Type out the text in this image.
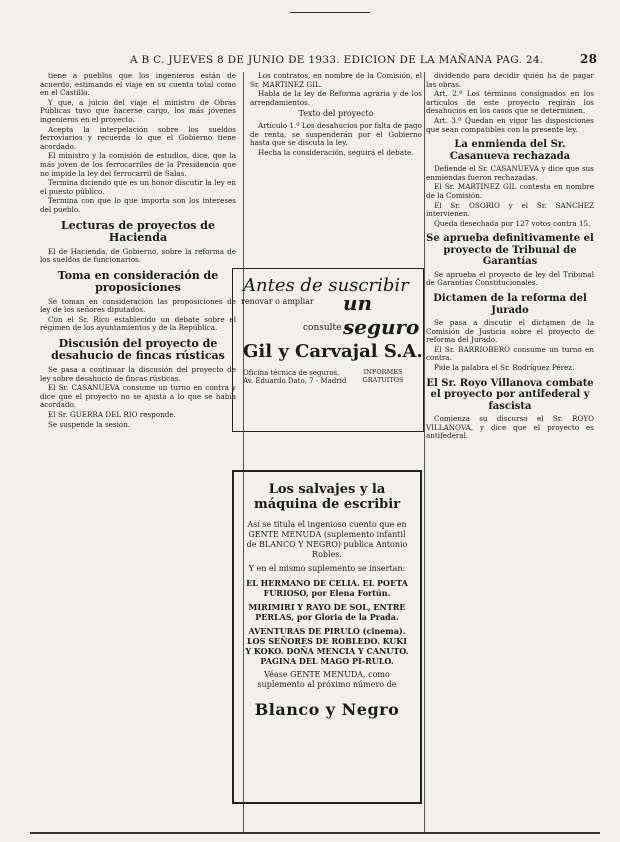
A B C. JUEVES 8 DE JUNIO DE 1933. EDICION DE LA MAÑANA PAG. 24.	28

tiene a pueblos que los ingenieros están de acuerdo, estimando el viaje en su cuenta total como en el Castillo.

Y que, a juicio del viaje el ministro de Obras Públicas tuvo que hacerse cargo, los más jóvenes ingenieros en el proyecto.

Acepta la interpelación sobre los sueldos ferroviarios y recuerda lo que el Gobierno tiene acordado.

El ministro y la comisión de estudios, dice, que la más joven de los ferrocarriles de la Presidencia que no impide la ley del ferrocarril de Salas.

Termina diciendo que es un honor discutir la ley en el puesto público.

Termina con que lo que importa son los intereses del pueblo.

Lecturas de proyectos de Hacienda

El de Hacienda, de Gobierno, sobre la reforma de los sueldos de funcionarios.

Toma en consideración de proposiciones

Se toman en consideración las proposiciones de ley de los señores diputados.

Con el Sr. Rico establecido un debate sobre el régimen de los ayuntamientos y de la República.

Discusión del proyecto de desahucio de fincas rústicas

Se pasa a continuar la discusión del proyecto de ley sobre desahucio de fincas rústicas.

El Sr. CASANUEVA consume un turno en contra y dice que el proyecto no se ajusta a lo que se había acordado.

El Sr. GUERRA DEL RIO responde.

Se suspende la sesión.

Los contratos, en nombre de la Comisión, el Sr. MARTINEZ GIL.

Habla de la ley de Reforma agraria y de los arrendamientos.

Texto del proyecto

Artículo 1.º Los desahucios por falta de pago de renta, se suspenderán por el Gobierno hasta que se discuta la ley.

Hecha la consideración, seguirá el debate.

Antes de suscribir
renovar o ampliar un seguro
consulte a
Gil y Carvajal S.A.
Oficina técnica de seguros. Av. Eduardo Dato, 7 - Madrid
INFORMES GRATUITOS
Los salvajes y la máquina de escribir
Así se titula el ingenioso cuento que en GENTE MENUDA (suplemento infantil de BLANCO Y NEGRO) publica Antonio Robles.
Y en el mismo suplemento se insertan:
EL HERMANO DE CELIA. EL POETA FURIOSO, por Elena Fortún.
MIRIMIRI Y RAYO DE SOL, ENTRE PERLAS, por Gloria de la Prada.
AVENTURAS DE PIRULO (cinema). LOS SEÑORES DE ROBLEDO. KUKI Y KOKO. DOÑA MENCIA Y CANUTO. PAGINA DEL MAGO PI-RULO.
Véase GENTE MENUDA, como suplemento al próximo número de
Blanco y Negro

dividendo para decidir quién ha de pagar las obras.

Art. 2.º Los términos consignados en los artículos de este proyecto regirán los desahucios en los casos que se determinen.

Art. 3.º Quedan en vigor las disposiciones que sean compatibles con la presente ley.

La enmienda del Sr. Casanueva rechazada

Defiende el Sr. CASANUEVA y dice que sus enmiendas fueron rechazadas.

El Sr. MARTINEZ GIL contesta en nombre de la Comisión.

El Sr. OSORIO y el Sr. SANCHEZ intervienen.

Queda desechada por 127 votos contra 15.

Se aprueba definitivamente el proyecto de Tribunal de Garantías

Se aprueba el proyecto de ley del Tribunal de Garantías Constitucionales.

Dictamen de la reforma del Jurado

Se pasa a discutir el dictamen de la Comisión de Justicia sobre el proyecto de reforma del Jurado.

El Sr. BARRIOBERO consume un turno en contra.

Pide la palabra el Sr. Rodríguez Pérez.

El Sr. Royo Villanova combate el proyecto por antifederal y fascista

Comienza su discurso el Sr. ROYO VILLANOVA, y dice que el proyecto es antifederal.
